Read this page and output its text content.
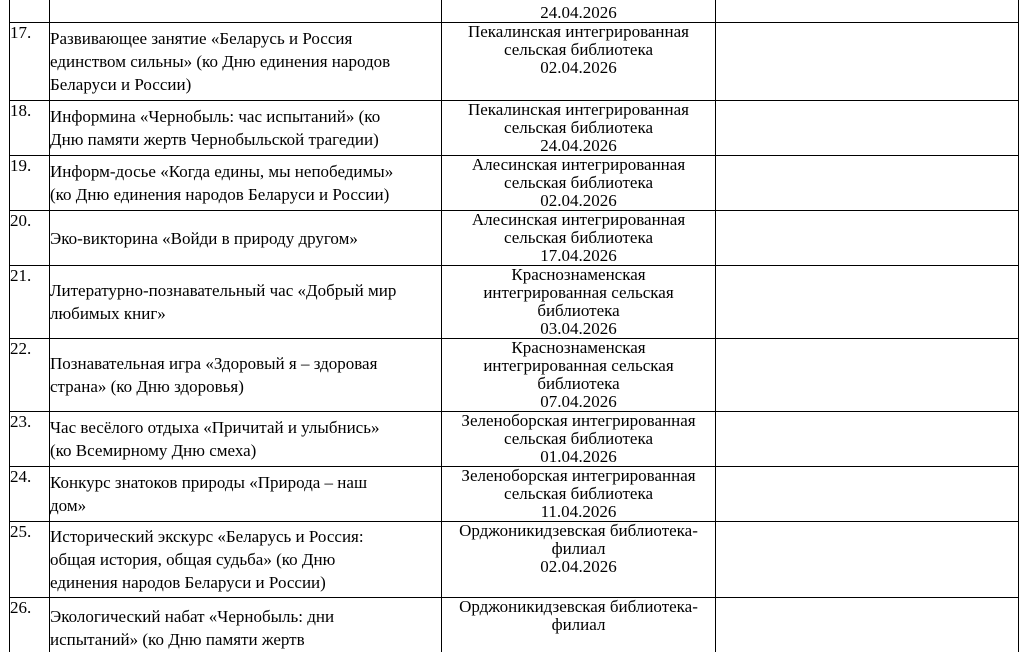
		24.04.2026	

17.	Развивающее занятие «Беларусь и Россия
единством сильны» (ко Дню единения народов
Беларуси и России)	Пекалинская интегрированная
сельская библиотека
02.04.2026	

18.	Информина «Чернобыль: час испытаний» (ко
Дню памяти жертв Чернобыльской трагедии)	Пекалинская интегрированная
сельская библиотека
24.04.2026	

19.	Информ-досье «Когда едины, мы непобедимы»
(ко Дню единения народов Беларуси и России)	Алесинская интегрированная
сельская библиотека
02.04.2026	

20.	Эко-викторина «Войди в природу другом»	Алесинская интегрированная
сельская библиотека
17.04.2026	

21.	Литературно-познавательный час «Добрый мир
любимых книг»	Краснознаменская
интегрированная сельская
библиотека
03.04.2026	

22.	Познавательная игра «Здоровый я – здоровая
страна» (ко Дню здоровья)	Краснознаменская
интегрированная сельская
библиотека
07.04.2026	

23.	Час весёлого отдыха «Причитай и улыбнись»
(ко Всемирному Дню смеха)	Зеленоборская интегрированная
сельская библиотека
01.04.2026	

24.	Конкурс знатоков природы «Природа – наш
дом»	Зеленоборская интегрированная
сельская библиотека
11.04.2026	

25.	Исторический экскурс «Беларусь и Россия:
общая история, общая судьба» (ко Дню
единения народов Беларуси и России)	Орджоникидзевская библиотека-
филиал
02.04.2026	

26.	Экологический набат «Чернобыль: дни
испытаний» (ко Дню памяти жертв	Орджоникидзевская библиотека-
филиал	
